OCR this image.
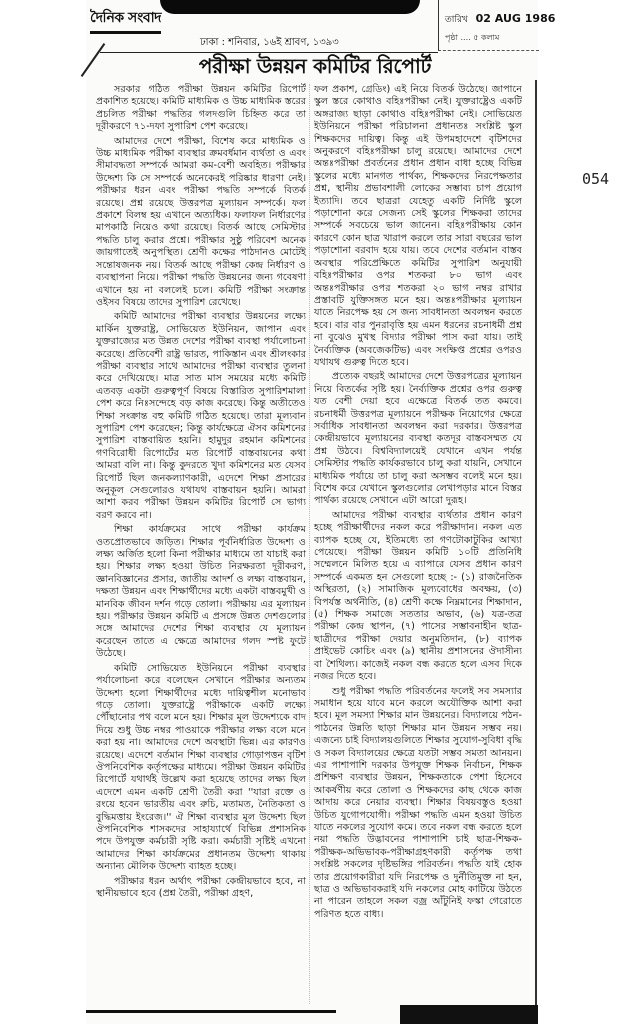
দৈনিক সংবাদ	তারিখ 02 AUG 1986
পৃষ্ঠা .... ৫ কলাম
ঢাকা : শনিবার, ১৬ই শ্রাবণ, ১৩৯৩
পরীক্ষা উন্নয়ন কমিটির রিপোর্ট

সরকার গঠিত পরীক্ষা উন্নয়ন কমিটির রিপোর্ট প্রকাশিত হয়েছে। কমিটি মাধ্যমিক ও উচ্চ মাধ্যমিক স্তরের প্রচলিত পরীক্ষা পদ্ধতির গলদগুলি চিহ্নিত করে তা দূরীকরণে ৭১-দফা সুপারিশ পেশ করেছে।

আমাদের দেশে পরীক্ষা, বিশেষ করে মাধ্যমিক ও উচ্চ মাধ্যমিক পরীক্ষা ব্যবস্থার ক্রমবর্ধমান ব্যর্থতা ও এবং সীমাবদ্ধতা সম্পর্কে আমরা কম-বেশী অবহিত। পরীক্ষার উদ্দেশ্য কি সে সম্পর্কে অনেকেরই পরিষ্কার ধারণা নেই। পরীক্ষার ধরন এবং পরীক্ষা পদ্ধতি সম্পর্কে বিতর্ক রয়েছে। প্রশ্ন রয়েছে উত্তরপত্র মূল্যায়ন সম্পর্কে। ফল প্রকাশে বিলম্ব হয় এখানে অত্যধিক। ফলাফল নির্ধারণের মাপকাঠি নিয়েও কথা রয়েছে। বিতর্ক আছে সেমিস্টার পদ্ধতি চালু করার প্রশ্নে। পরীক্ষার সুষ্ঠু পরিবেশ অনেক জায়গাতেই অনুপস্থিত। শ্রেণী কক্ষের পাঠদানও মোটেই সন্তোষজনক নয়। বিতর্ক আছে পরীক্ষা কেন্দ্র নির্ধারণ ও ব্যবস্থাপনা নিয়ে। পরীক্ষা পদ্ধতি উন্নয়নের জন্য গবেষণা এখানে হয় না বললেই চলে। কমিটি পরীক্ষা সংক্রান্ত ওইসব বিষয়ে তাদের সুপারিশ রেখেছে।

কমিটি আমাদের পরীক্ষা ব্যবস্থার উন্নয়নের লক্ষ্যে মার্কিন যুক্তরাষ্ট্র, সোভিয়েত ইউনিয়ন, জাপান এবং যুক্তরাজ্যের মত উন্নত দেশের পরীক্ষা ব্যবস্থা পর্যালোচনা করেছে। প্রতিবেশী রাষ্ট্র ভারত, পাকিস্তান এবং শ্রীলংকার পরীক্ষা ব্যবস্থার সাথে আমাদের পরীক্ষা ব্যবস্থার তুলনা করে দেখিয়েছে। মাত্র সাত মাস সময়ের মধ্যে কমিটি এতবড় একটা গুরুত্বপূর্ণ বিষয়ে বিস্তারিত সুপারিশমালা পেশ করে নিঃসন্দেহে বড় কাজ করেছে। কিন্তু অতীতেও শিক্ষা সংক্রান্ত বহু কমিটি গঠিত হয়েছে। তারা মূল্যবান সুপারিশ পেশ করেছেন; কিন্তু কার্যক্ষেত্রে ঐসব কমিশনের সুপারিশ বাস্তবায়িত হয়নি। হামুদুর রহমান কমিশনের গণবিরোধী রিপোর্টের মত রিপোর্ট বাস্তবায়নের কথা আমরা বলি না। কিন্তু কুদরতে খুদা কমিশনের মত যেসব রিপোর্ট ছিল জনকল্যাণকারী, এদেশে শিক্ষা প্রসারের অনুকূল সেগুলোরও যথাযথ বাস্তবায়ন হয়নি। আমরা আশা করব পরীক্ষা উন্নয়ন কমিটির রিপোর্ট সে ভাগ্য বরণ করবে না।

শিক্ষা কার্যক্রমের সাথে পরীক্ষা কার্যক্রম ওতপ্রোতভাবে জড়িত। শিক্ষার পূর্বনির্ধারিত উদ্দেশ্য ও লক্ষ্য অর্জিত হলো কিনা পরীক্ষার মাধ্যমে তা যাচাই করা হয়। শিক্ষার লক্ষ্য হওয়া উচিত নিরক্ষরতা দূরীকরণ, জ্ঞানবিজ্ঞানের প্রসার, জাতীয় আদর্শ ও লক্ষ্য বাস্তবায়ন, দক্ষতা উন্নয়ন এবং শিক্ষার্থীদের মধ্যে একটা বাস্তবমুখী ও মানবিক জীবন দর্শন গড়ে তোলা। পরীক্ষায় এর মূল্যায়ন হয়। পরীক্ষার উন্নয়ন কমিটি এ প্রসঙ্গে উন্নত দেশগুলোর সঙ্গে আমাদের দেশের শিক্ষা ব্যবস্থার যে মূল্যায়ন করেছেন তাতে এ ক্ষেত্রে আমাদের গলদ স্পষ্ট ফুটে উঠেছে।

কমিটি সোভিয়েত ইউনিয়নে পরীক্ষা ব্যবস্থার পর্যালোচনা করে বলেছেন সেখানে পরীক্ষার অন্যতম উদ্দেশ্য হলো শিক্ষার্থীদের মধ্যে দায়িত্বশীল মনোভাব গড়ে তোলা। যুক্তরাষ্ট্রে পরীক্ষাকে একটি লক্ষ্যে পৌঁছানোর পথ বলে মনে হয়। শিক্ষার মূল উদ্দেশ্যকে বাদ দিয়ে শুধু উচ্চ নম্বর পাওয়াকে পরীক্ষার লক্ষ্য বলে মনে করা হয় না। আমাদের দেশে অবস্থাটা ভিন্ন। এর কারণও রয়েছে। এদেশে বর্তমান শিক্ষা ব্যবস্থার গোড়াপত্তন বৃটিশ ঔপনিবেশিক কর্তৃপক্ষের মাধ্যমে। পরীক্ষা উন্নয়ন কমিটির রিপোর্টে যথার্থই উল্লেখ করা হয়েছে তাদের লক্ষ্য ছিল এদেশে এমন একটি শ্রেণী তৈরী করা ''যারা রক্তে ও রংয়ে হবেন ভারতীয় এবং রুচি, মতামত, নৈতিকতা ও বুদ্ধিমত্তায় ইংরেজ।'' ঐ শিক্ষা ব্যবস্থার মূল উদ্দেশ্য ছিল ঔপনিবেশিক শাসকদের সাহায্যার্থে বিভিন্ন প্রশাসনিক পদে উপযুক্ত কর্মচারী সৃষ্টি করা। কর্মচারী সৃষ্টিই এখনো আমাদের শিক্ষা কার্যক্রমের প্রধানতম উদ্দেশ্য থাকায় অন্যান্য মৌলিক উদ্দেশ্য ব্যাহত হচ্ছে।

পরীক্ষার ধরন অর্থাৎ পরীক্ষা কেন্দ্রীয়ভাবে হবে, না স্থানীয়ভাবে হবে (প্রশ্ন তৈরী, পরীক্ষা গ্রহণ,

ফল প্রকাশ, গ্রেডিং) এই নিয়ে বিতর্ক উঠেছে। জাপানে স্কুল স্তরে কোথাও বহিঃপরীক্ষা নেই। যুক্তরাষ্ট্রেও একটি অঙ্গরাজ্য ছাড়া কোথাও বহিঃপরীক্ষা নেই। সোভিয়েত ইউনিয়নে পরীক্ষা পরিচালনা প্রধানতঃ সংশ্লিষ্ট স্কুল শিক্ষকদের দায়িত্ব। কিন্তু এই উপমহাদেশে বৃটিশদের অনুকরণে বহিঃপরীক্ষা চালু রয়েছে। আমাদের দেশে অন্তঃপরীক্ষা প্রবর্তনের প্রধান প্রধান বাধা হচ্ছে বিভিন্ন স্কুলের মধ্যে মানগত পার্থক্য, শিক্ষকদের নিরপেক্ষতার প্রশ্ন, স্থানীয় প্রভাবশালী লোকের সম্ভাব্য চাপ প্রয়োগ ইত্যাদি। তবে ছাত্ররা যেহেতু একটি নির্দিষ্ট স্কুলে পড়াশোনা করে সেজন্য সেই স্কুলের শিক্ষকরা তাদের সম্পর্কে সবচেয়ে ভাল জানেন। বহিঃপরীক্ষায় কোন কারণে কোন ছাত্র খারাপ করলে তার সারা বছরের ভাল পড়াশোনা বরবাদ হয়ে যায়। তবে দেশের বর্তমান বাস্তব অবস্থার পরিপ্রেক্ষিতে কমিটির সুপারিশ অনুযায়ী বহিঃপরীক্ষার ওপর শতকরা ৮০ ভাগ এবং অন্তঃপরীক্ষার ওপর শতকরা ২০ ভাগ নম্বর রাখার প্রস্তাবটি যুক্তিসঙ্গত মনে হয়। অন্তঃপরীক্ষার মূল্যায়ন যাতে নিরপেক্ষ হয় সে জন্য সাবধানতা অবলম্বন করতে হবে। বার বার পুনরাবৃত্তি হয় এমন ধরনের রচনাধর্মী প্রশ্ন না বুঝেও মুখস্থ বিদ্যার পরীক্ষা পাস করা যায়। তাই নৈর্ব্যক্তিক (অবজেকটিভ) এবং সংক্ষিপ্ত প্রশ্নের ওপরও যথাযথ গুরুত্ব দিতে হবে।

প্রত্যেক বছরই আমাদের দেশে উত্তরপত্রের মূল্যায়ন নিয়ে বিতর্কের সৃষ্টি হয়। নৈর্ব্যক্তিক প্রশ্নের ওপর গুরুত্ব যত বেশী দেয়া হবে এক্ষেত্রে বিতর্ক তত কমবে। রচনাধর্মী উত্তরপত্র মূল্যায়নে পরীক্ষক নিয়োগের ক্ষেত্রে সর্বাধিক সাবধানতা অবলম্বন করা দরকার। উত্তরপত্র কেন্দ্রীয়ভাবে মূল্যায়নের ব্যবস্থা কতদূর বাস্তবসম্মত যে প্রশ্ন উঠবে। বিশ্ববিদ্যালয়েই যেখানে এখন পর্যন্ত সেমিস্টার পদ্ধতি কার্যকরভাবে চালু করা যায়নি, সেখানে মাধ্যমিক পর্যায়ে তা চালু করা অসম্ভব বলেই মনে হয়। বিশেষ করে যেখানে স্কুলগুলোর লেখাপড়ার মানে বিস্তর পার্থক্য রয়েছে সেখানে এটা আরো দুরূহ।

আমাদের পরীক্ষা ব্যবস্থার ব্যর্থতার প্রধান কারণ হচ্ছে পরীক্ষার্থীদের নকল করে পরীক্ষাদান। নকল এত ব্যাপক হচ্ছে যে, ইতিমধ্যে তা গণটোকাটুকির আখ্যা পেয়েছে। পরীক্ষা উন্নয়ন কমিটি ১০টি প্রতিনিধি সম্মেলনে মিলিত হয়ে এ ব্যাপারে যেসব প্রধান কারণ সম্পর্কে একমত হন সেগুলো হচ্ছে :- (১) রাজনৈতিক অস্থিরতা, (২) সামাজিক মূল্যবোধের অবক্ষয়, (৩) বিপর্যস্ত অর্থনীতি, (৪) শ্রেণী কক্ষে নিম্নমানের শিক্ষাদান, (৫) শিক্ষক সমাজে সততার অভাব, (৬) যত্র-তত্র পরীক্ষা কেন্দ্র স্থাপন, (৭) পাসের সম্ভাবনাহীন ছাত্র-ছাত্রীদের পরীক্ষা দেয়ার অনুমতিদান, (৮) ব্যাপক প্রাইভেট কোচিং এবং (৯) স্থানীয় প্রশাসনের ঔদাসীন্য বা শৈথিল্য। কাজেই নকল বন্ধ করতে হলে এসব দিকে নজর দিতে হবে।

শুধু পরীক্ষা পদ্ধতি পরিবর্তনের ফলেই সব সমস্যার সমাধান হয়ে যাবে মনে করলে অযৌক্তিক আশা করা হবে। মূল সমস্যা শিক্ষার মান উন্নয়নের। বিদ্যালয়ে পঠন-পাঠনের উন্নতি ছাড়া শিক্ষার মান উন্নয়ন সম্ভব নয়। এজন্যে চাই বিদ্যালয়গুলিতে শিক্ষার সুযোগ-সুবিধা বৃদ্ধি ও সকল বিদ্যালয়ের ক্ষেত্রে যতটা সম্ভব সমতা আনয়ন। এর পাশাপাশি দরকার উপযুক্ত শিক্ষক নির্বাচন, শিক্ষক প্রশিক্ষণ ব্যবস্থার উন্নয়ন, শিক্ষকতাকে পেশা হিসেবে আকর্ষণীয় করে তোলা ও শিক্ষকদের কাছ থেকে কাজ আদায় করে নেয়ার ব্যবস্থা। শিক্ষার বিষয়বস্তুও হওয়া উচিত যুগোপযোগী। পরীক্ষা পদ্ধতি এমন হওয়া উচিত যাতে নকলের সুযোগ কমে। তবে নকল বন্ধ করতে হলে নয়া পদ্ধতি উদ্ভাবনের পাশাপাশি চাই ছাত্র-শিক্ষক-পরীক্ষক-অভিভাবক-পরীক্ষাগ্রহণকারী কর্তৃপক্ষ তথা সংশ্লিষ্ট সকলের দৃষ্টিভঙ্গির পরিবর্তন। পদ্ধতি যাই হোক তার প্রয়োগকারীরা যদি নিরপেক্ষ ও দুর্নীতিমুক্ত না হন, ছাত্র ও অভিভাবকরাই যদি নকলের মোহ কাটিয়ে উঠতে না পারেন তাহলে সকল বজ্র আঁটুনিই ফস্কা গেরোতে পরিণত হতে বাধ্য।

054
